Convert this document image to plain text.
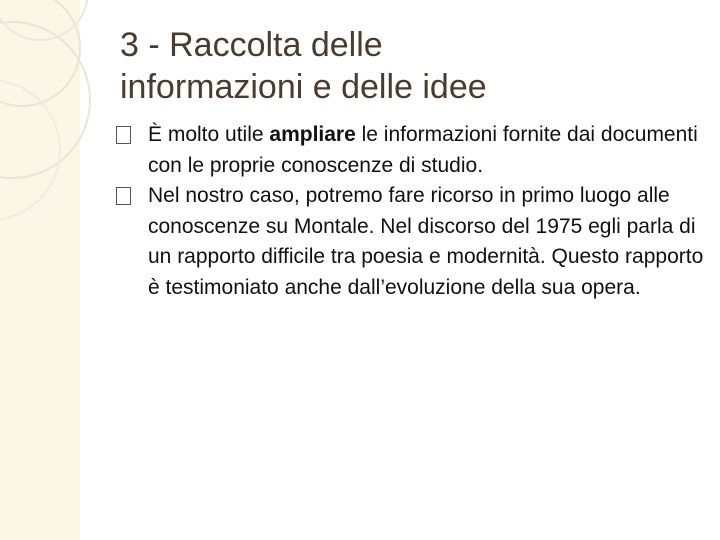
3 - Raccolta delle
informazioni e delle idee
È molto utile ampliare le informazioni fornite dai documenti con le proprie conoscenze di studio.
Nel nostro caso, potremo fare ricorso in primo luogo alle conoscenze su Montale. Nel discorso del 1975 egli parla di un rapporto difficile tra poesia e modernità. Questo rapporto è testimoniato anche dall’evoluzione della sua opera.
